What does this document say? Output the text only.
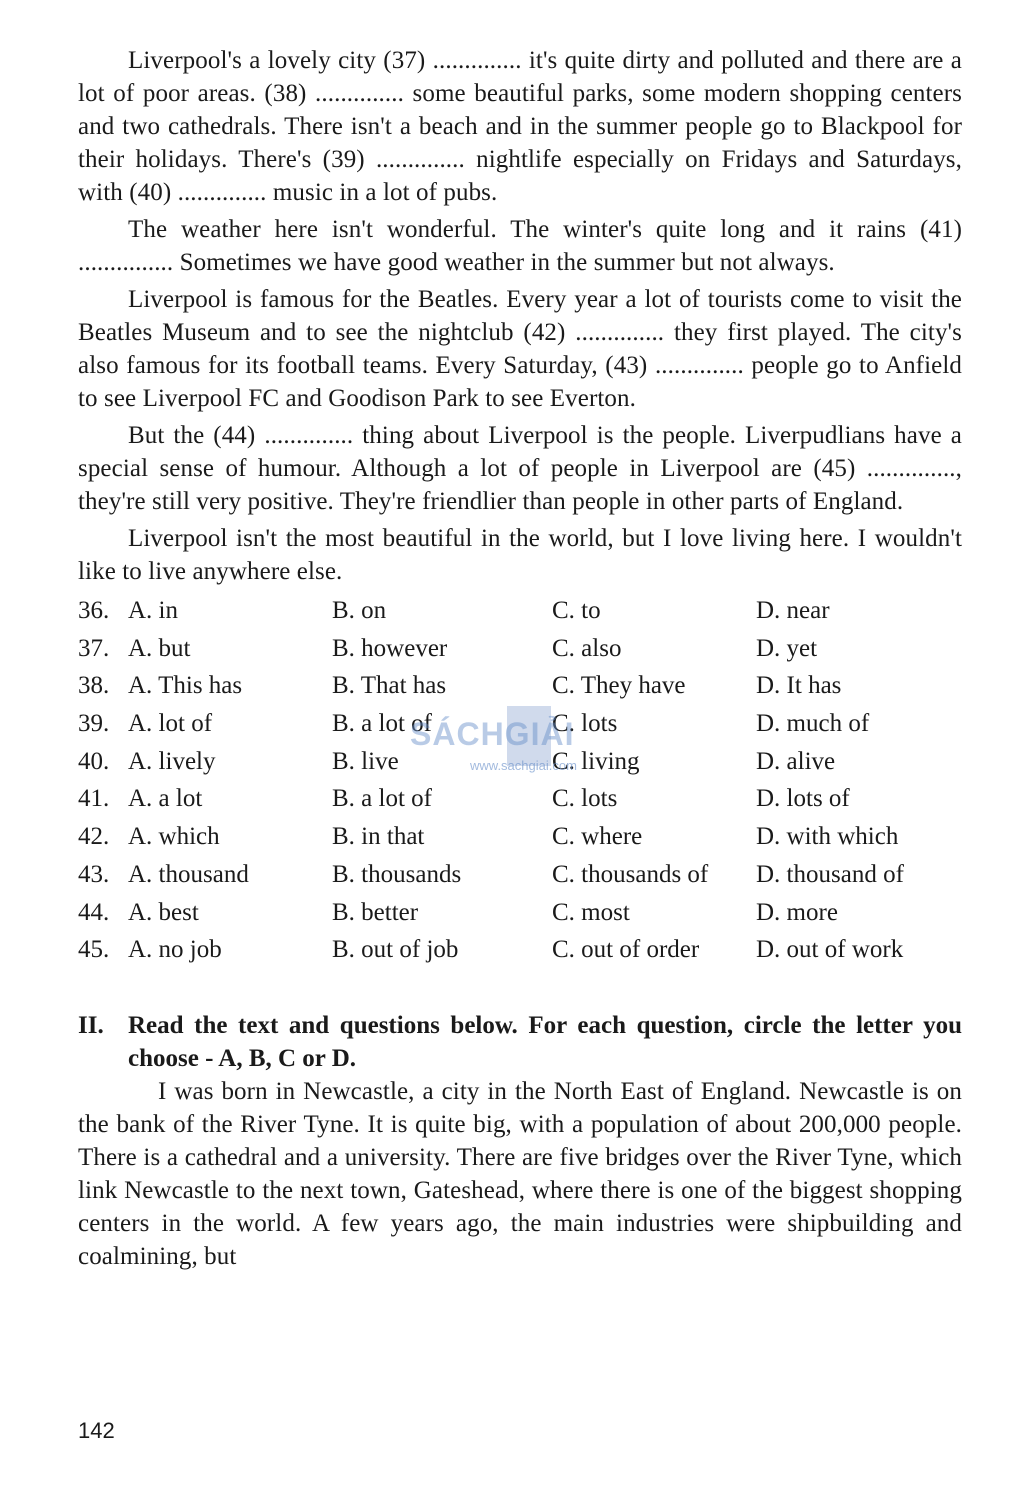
Liverpool's a lovely city (37) .............. it's quite dirty and polluted and there are a lot of poor areas. (38) .............. some beautiful parks, some modern shopping centers and two cathedrals. There isn't a beach and in the summer people go to Blackpool for their holidays. There's (39) .............. nightlife especially on Fridays and Saturdays, with (40) .............. music in a lot of pubs.

The weather here isn't wonderful. The winter's quite long and it rains (41) ............... Sometimes we have good weather in the summer but not always.

Liverpool is famous for the Beatles. Every year a lot of tourists come to visit the Beatles Museum and to see the nightclub (42) .............. they first played. The city's also famous for its football teams. Every Saturday, (43) .............. people go to Anfield to see Liverpool FC and Goodison Park to see Everton.

But the (44) .............. thing about Liverpool is the people. Liverpudlians have a special sense of humour. Although a lot of people in Liverpool are (45) .............., they're still very positive. They're friendlier than people in other parts of England.

Liverpool isn't the most beautiful in the world, but I love living here. I wouldn't like to live anywhere else.

36. A. in	B. on	C. to	D. near
37. A. but	B. however	C. also	D. yet
38. A. This has	B. That has	C. They have	D. It has
39. A. lot of	B. a lot of	C. lots	D. much of
40. A. lively	B. live	C. living	D. alive
41. A. a lot	B. a lot of	C. lots	D. lots of
42. A. which	B. in that	C. where	D. with which
43. A. thousand	B. thousands	C. thousands of D. thousand of
44. A. best	B. better	C. most	D. more
45. A. no job	B. out of job	C. out of order D. out of work
II. Read the text and questions below. For each question, circle the letter you choose - A, B, C or D.

I was born in Newcastle, a city in the North East of England. Newcastle is on the bank of the River Tyne. It is quite big, with a population of about 200,000 people. There is a cathedral and a university. There are five bridges over the River Tyne, which link Newcastle to the next town, Gateshead, where there is one of the biggest shopping centers in the world. A few years ago, the main industries were shipbuilding and coalmining, but

SÁCHGIẢI
www.sachgiai.com
142
